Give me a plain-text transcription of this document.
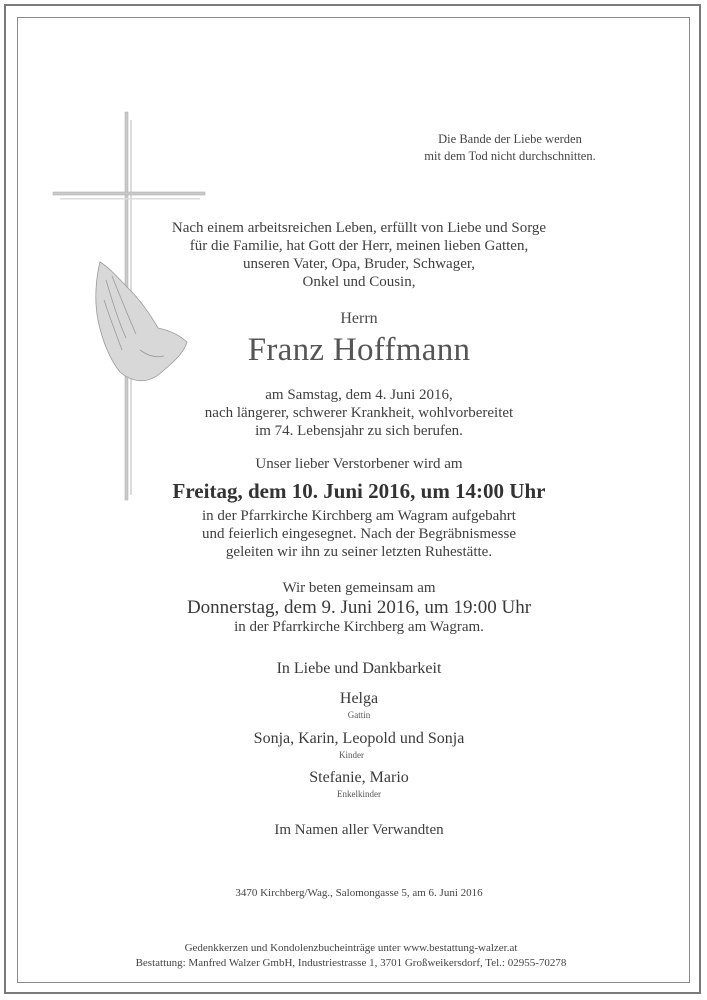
Die Bande der Liebe werden
mit dem Tod nicht durchschnitten.
Nach einem arbeitsreichen Leben, erfüllt von Liebe und Sorge
für die Familie, hat Gott der Herr, meinen lieben Gatten,
unseren Vater, Opa, Bruder, Schwager,
Onkel und Cousin,
Herrn
Franz Hoffmann
am Samstag, dem 4. Juni 2016,
nach längerer, schwerer Krankheit, wohlvorbereitet
im 74. Lebensjahr zu sich berufen.
Unser lieber Verstorbener wird am
Freitag, dem 10. Juni 2016, um 14:00 Uhr
in der Pfarrkirche Kirchberg am Wagram aufgebahrt
und feierlich eingesegnet. Nach der Begräbnismesse
geleiten wir ihn zu seiner letzten Ruhestätte.
Wir beten gemeinsam am
Donnerstag, dem 9. Juni 2016, um 19:00 Uhr
in der Pfarrkirche Kirchberg am Wagram.
In Liebe und Dankbarkeit
Helga
Gattin
Sonja, Karin, Leopold und Sonja
Kinder
Stefanie, Mario
Enkelkinder
Im Namen aller Verwandten
3470 Kirchberg/Wag., Salomongasse 5, am 6. Juni 2016
Gedenkkerzen und Kondolenzbucheinträge unter www.bestattung-walzer.at
Bestattung: Manfred Walzer GmbH, Industriestrasse 1, 3701 Großweikersdorf, Tel.: 02955-70278
